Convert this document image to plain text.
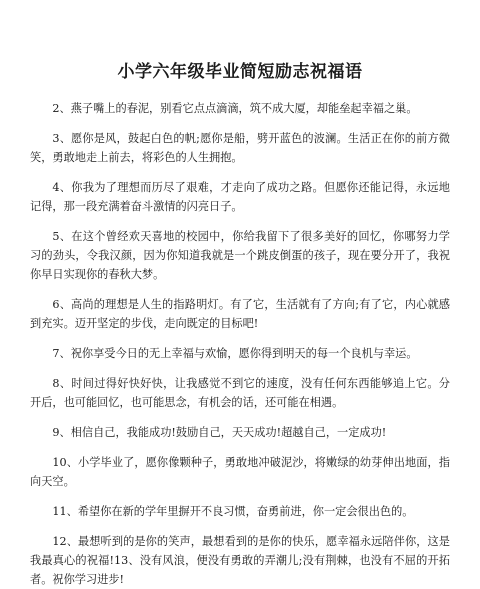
小学六年级毕业简短励志祝福语

2、燕子嘴上的春泥，别看它点点滴滴，筑不成大厦，却能垒起幸福之巢。

3、愿你是风，鼓起白色的帆;愿你是船，劈开蓝色的波澜。生活正在你的前方微笑，勇敢地走上前去，将彩色的人生拥抱。

4、你我为了理想而历尽了艰难，才走向了成功之路。但愿你还能记得，永远地记得，那一段充满着奋斗激情的闪亮日子。

5、在这个曾经欢天喜地的校园中，你给我留下了很多美好的回忆，你哪努力学习的劲头，令我汉颜，因为你知道我就是一个跳皮倒蛋的孩子，现在要分开了，我祝你早日实现你的春秋大梦。

6、高尚的理想是人生的指路明灯。有了它，生活就有了方向;有了它，内心就感到充实。迈开坚定的步伐，走向既定的目标吧!

7、祝你享受今日的无上幸福与欢愉，愿你得到明天的每一个良机与幸运。

8、时间过得好快好快，让我感觉不到它的速度，没有任何东西能够追上它。分开后，也可能回忆，也可能思念，有机会的话，还可能在相遇。

9、相信自己，我能成功!鼓励自己，天天成功!超越自己，一定成功!

10、小学毕业了，愿你像颗种子，勇敢地冲破泥沙，将嫩绿的幼芽伸出地面，指向天空。

11、希望你在新的学年里摒开不良习惯，奋勇前进，你一定会很出色的。

12、最想听到的是你的笑声，最想看到的是你的快乐，愿幸福永远陪伴你，这是我最真心的祝福!13、没有风浪，便没有勇敢的弄潮儿;没有荆棘，也没有不屈的开拓者。祝你学习进步!
